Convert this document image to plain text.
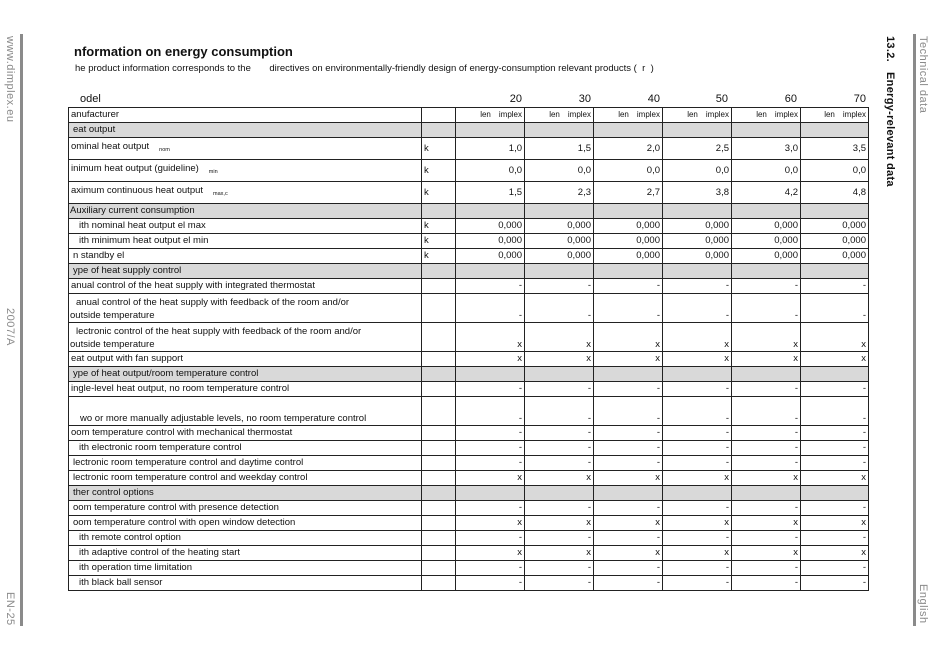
www.dimplex.eu
2007/A
EN-25
Technical data
13.2.   Energy-relevant data
English
nformation on energy consumption
he product information corresponds to the       directives on environmentally-friendly design of energy-consumption relevant products (  r  )
odel	20	30	40	50	60	70
anufacturer		len implex	len implex	len implex	len implex	len implex	len implex
eat output							
ominal heat output $_{nom}$	k	1,0	1,5	2,0	2,5	3,0	3,5
inimum heat output (guideline) $_{min}$	k	0,0	0,0	0,0	0,0	0,0	0,0
aximum continuous heat output $_{max,c}$	k	1,5	2,3	2,7	3,8	4,2	4,8
Auxiliary current consumption							
ith nominal heat output el max	k	0,000	0,000	0,000	0,000	0,000	0,000
ith minimum heat output el min	k	0,000	0,000	0,000	0,000	0,000	0,000
n standby el	k	0,000	0,000	0,000	0,000	0,000	0,000
ype of heat supply control							
anual control of the heat supply with integrated thermostat		-	-	-	-	-	-

anual control of the heat supply with feedback of the room and/or
outside temperature		-	-	-	-	-	-

lectronic control of the heat supply with feedback of the room and/or
outside temperature		x	x	x	x	x	x
eat output with fan support		x	x	x	x	x	x
ype of heat output/room temperature control							
ingle-level heat output, no room temperature control		-	-	-	-	-	-

wo or more manually adjustable levels, no room temperature control		-	-	-	-	-	-
oom temperature control with mechanical thermostat		-	-	-	-	-	-
ith electronic room temperature control		-	-	-	-	-	-
lectronic room temperature control and daytime control		-	-	-	-	-	-
lectronic room temperature control and weekday control		x	x	x	x	x	x
ther control options							
oom temperature control with presence detection		-	-	-	-	-	-
oom temperature control with open window detection		x	x	x	x	x	x
ith remote control option		-	-	-	-	-	-
ith adaptive control of the heating start		x	x	x	x	x	x
ith operation time limitation		-	-	-	-	-	-
ith black ball sensor		-	-	-	-	-	-
